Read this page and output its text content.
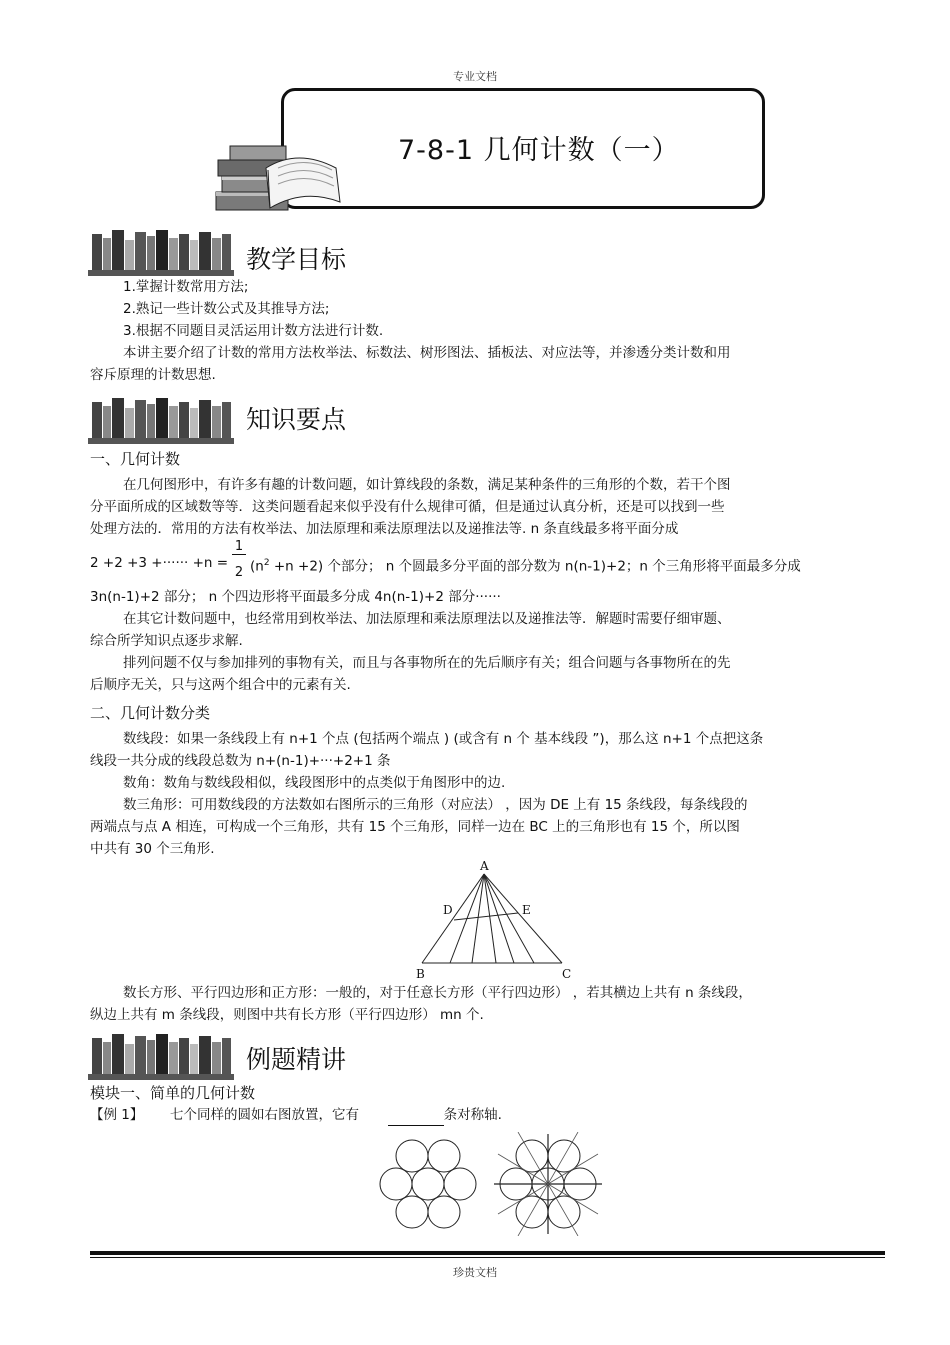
专业文档
7-8-1 几何计数（一）
教学目标
1.掌握计数常用方法;
2.熟记一些计数公式及其推导方法;
3.根据不同题目灵活运用计数方法进行计数.
本讲主要介绍了计数的常用方法枚举法、标数法、树形图法、插板法、对应法等，并渗透分类计数和用
容斥原理的计数思想.
知识要点
一、几何计数
在几何图形中，有许多有趣的计数问题，如计算线段的条数，满足某种条件的三角形的个数，若干个图
分平面所成的区域数等等．这类问题看起来似乎没有什么规律可循，但是通过认真分析，还是可以找到一些
处理方法的．常用的方法有枚举法、加法原理和乘法原理法以及递推法等. n 条直线最多将平面分成
2 +2 +3 +······ +n =
1
2 $(n^2 +n +2)$ 个部分； n 个圆最多分平面的部分数为 n(n-1)+2；n 个三角形将平面最多分成
3n(n-1)+2 部分； n 个四边形将平面最多分成 4n(n-1)+2 部分······
在其它计数问题中，也经常用到枚举法、加法原理和乘法原理法以及递推法等．解题时需要仔细审题、
综合所学知识点逐步求解.
排列问题不仅与参加排列的事物有关，而且与各事物所在的先后顺序有关；组合问题与各事物所在的先
后顺序无关，只与这两个组合中的元素有关.
二、几何计数分类
数线段：如果一条线段上有 n+1 个点 (包括两个端点 ) (或含有 n 个 基本线段 ”)，那么这 n+1 个点把这条
线段一共分成的线段总数为 n+(n-1)+···+2+1 条
数角：数角与数线段相似，线段图形中的点类似于角图形中的边.
数三角形：可用数线段的方法数如右图所示的三角形（对应法） ，因为 DE 上有 15 条线段，每条线段的
两端点与点 A 相连，可构成一个三角形，共有 15 个三角形，同样一边在 BC 上的三角形也有 15 个，所以图
中共有 30 个三角形.
A
D	E
B	C
数长方形、平行四边形和正方形：一般的，对于任意长方形（平行四边形） ，若其横边上共有 n 条线段，
纵边上共有 m 条线段，则图中共有长方形（平行四边形） mn 个.
例题精讲
模块一、简单的几何计数
【例 1】 七个同样的圆如右图放置，它有	条对称轴.
珍贵文档
